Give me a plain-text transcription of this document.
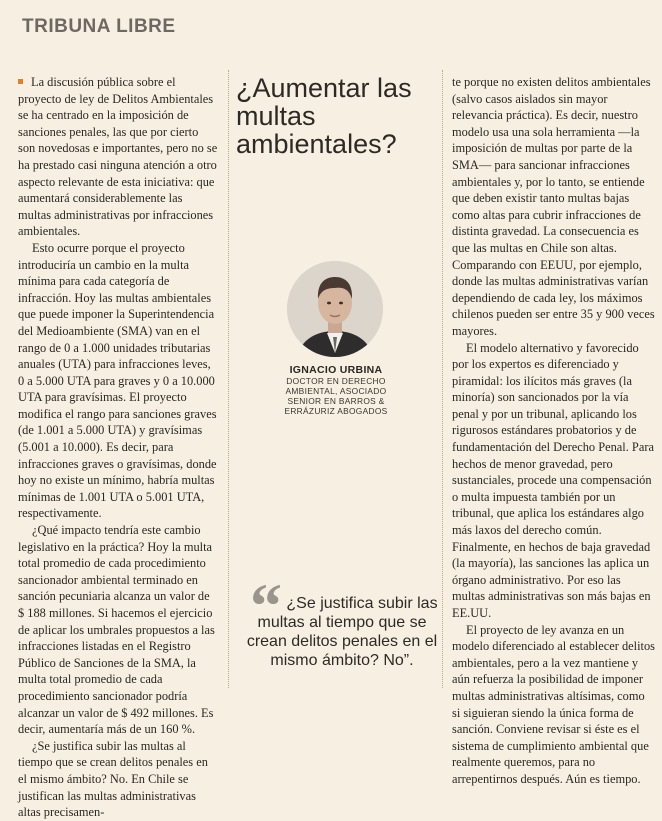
TRIBUNA LIBRE

La discusión pública sobre el proyecto de ley de Delitos Ambientales se ha centrado en la imposición de sanciones penales, las que por cierto son novedosas e importantes, pero no se ha prestado casi ninguna atención a otro aspecto relevante de esta iniciativa: que aumentará considerablemente las multas administrativas por infracciones ambientales.

Esto ocurre porque el proyecto introduciría un cambio en la multa mínima para cada categoría de infracción. Hoy las multas ambientales que puede imponer la Superintendencia del Medioambiente (SMA) van en el rango de 0 a 1.000 unidades tributarias anuales (UTA) para infracciones leves, 0 a 5.000 UTA para graves y 0 a 10.000 UTA para gravísimas. El proyecto modifica el rango para sanciones graves (de 1.001 a 5.000 UTA) y gravísimas (5.001 a 10.000). Es decir, para infracciones graves o gravísimas, donde hoy no existe un mínimo, habría multas mínimas de 1.001 UTA o 5.001 UTA, respectivamente.

¿Qué impacto tendría este cambio legislativo en la práctica? Hoy la multa total promedio de cada procedimiento sancionador ambiental terminado en sanción pecuniaria alcanza un valor de $ 188 millones. Si hacemos el ejercicio de aplicar los umbrales propuestos a las infracciones listadas en el Registro Público de Sanciones de la SMA, la multa total promedio de cada procedimiento sancionador podría alcanzar un valor de $ 492 millones. Es decir, aumentaría más de un 160 %.

¿Se justifica subir las multas al tiempo que se crean delitos penales en el mismo ámbito? No. En Chile se justifican las multas administrativas altas precisamen-

¿Aumentar las multas ambientales?
IGNACIO URBINA
DOCTOR EN DERECHO
AMBIENTAL, ASOCIADO
SENIOR EN BARROS &
ERRÁZURIZ ABOGADOS
“ ¿Se justifica subir las multas al tiempo que se crean delitos penales en el mismo ámbito? No”.

te porque no existen delitos ambientales (salvo casos aislados sin mayor relevancia práctica). Es decir, nuestro modelo usa una sola herramienta —la imposición de multas por parte de la SMA— para sancionar infracciones ambientales y, por lo tanto, se entiende que deben existir tanto multas bajas como altas para cubrir infracciones de distinta gravedad. La consecuencia es que las multas en Chile son altas. Comparando con EEUU, por ejemplo, donde las multas administrativas varían dependiendo de cada ley, los máximos chilenos pueden ser entre 35 y 900 veces mayores.

El modelo alternativo y favorecido por los expertos es diferenciado y piramidal: los ilícitos más graves (la minoría) son sancionados por la vía penal y por un tribunal, aplicando los rigurosos estándares probatorios y de fundamentación del Derecho Penal. Para hechos de menor gravedad, pero sustanciales, procede una compensación o multa impuesta también por un tribunal, que aplica los estándares algo más laxos del derecho común. Finalmente, en hechos de baja gravedad (la mayoría), las sanciones las aplica un órgano administrativo. Por eso las multas administrativas son más bajas en EE.UU.

El proyecto de ley avanza en un modelo diferenciado al establecer delitos ambientales, pero a la vez mantiene y aún refuerza la posibilidad de imponer multas administrativas altísimas, como si siguieran siendo la única forma de sanción. Conviene revisar si éste es el sistema de cumplimiento ambiental que realmente queremos, para no arrepentirnos después. Aún es tiempo.
